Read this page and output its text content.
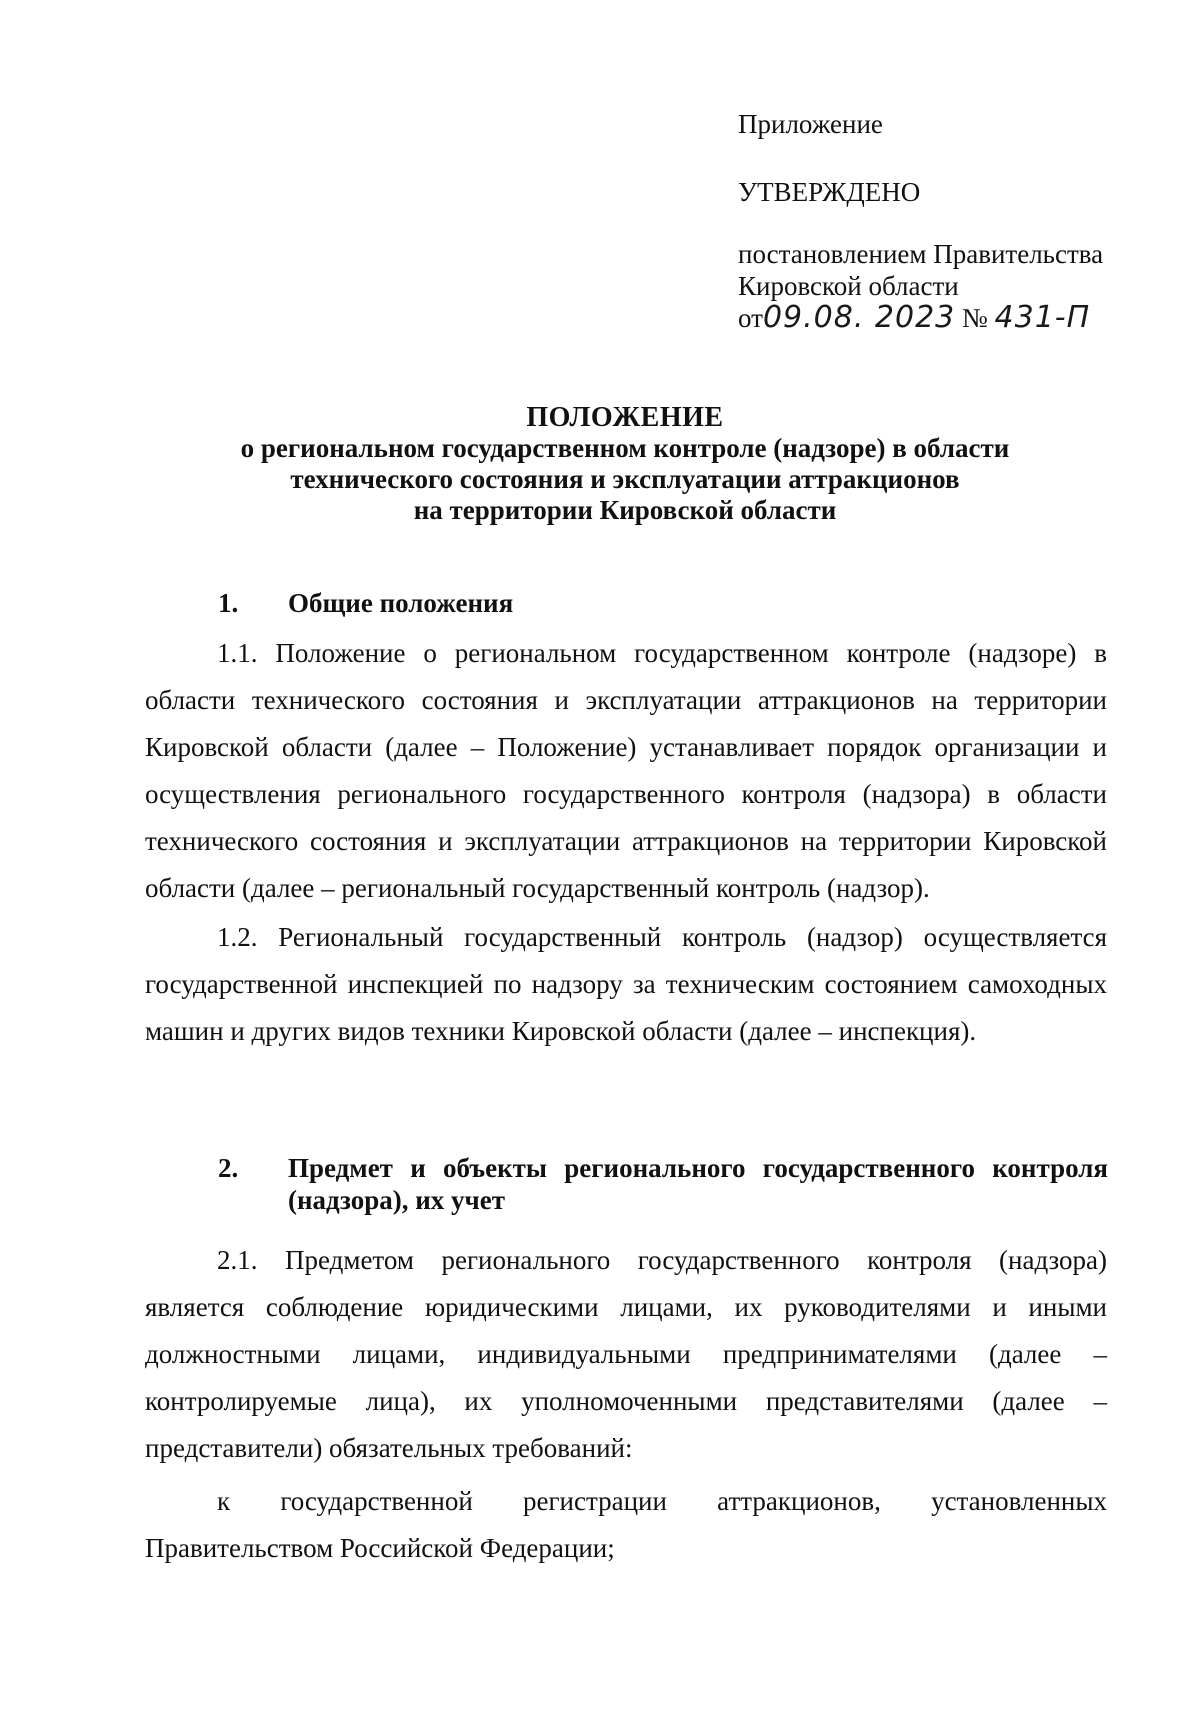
Приложение
УТВЕРЖДЕНО
постановлением Правительства
Кировской области
от09.08. 2023 № 431-П
ПОЛОЖЕНИЕ
о региональном государственном контроле (надзоре) в области
технического состояния и эксплуатации аттракционов
на территории Кировской области
1.	Общие положения

1.1. Положение о региональном государственном контроле (надзоре) в области технического состояния и эксплуатации аттракционов на территории Кировской области (далее – Положение) устанавливает порядок организации и осуществления регионального государственного контроля (надзора) в области технического состояния и эксплуатации аттракционов на территории Кировской области (далее – региональный государственный контроль (надзор).

1.2. Региональный государственный контроль (надзор) осуществляется государственной инспекцией по надзору за техническим состоянием самоходных машин и других видов техники Кировской области (далее – инспекция).

2.	Предмет и объекты регионального государственного контроля (надзора), их учет

2.1. Предметом регионального государственного контроля (надзора) является соблюдение юридическими лицами, их руководителями и иными должностными лицами, индивидуальными предпринимателями (далее – контролируемые лица), их уполномоченными представителями (далее – представители) обязательных требований:

к государственной регистрации аттракционов, установленных Правительством Российской Федерации;
